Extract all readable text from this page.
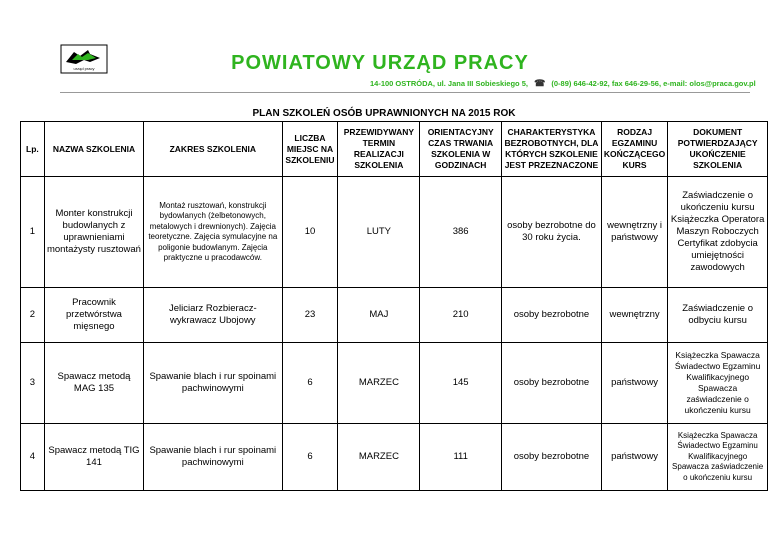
urząd pracy	POWIATOWY URZĄD PRACY
14-100 OSTRÓDA, ul. Jana III Sobieskiego 5, ☎ (0-89) 646-42-92, fax 646-29-56, e-mail: olos@praca.gov.pl
PLAN SZKOLEŃ OSÓB UPRAWNIONYCH NA 2015 ROK
Lp.	NAZWA SZKOLENIA	ZAKRES SZKOLENIA	LICZBA MIEJSC NA SZKOLENIU	PRZEWIDYWANY TERMIN REALIZACJI SZKOLENIA	ORIENTACYJNY CZAS TRWANIA SZKOLENIA W GODZINACH	CHARAKTERYSTYKA BEZROBOTNYCH, DLA KTÓRYCH SZKOLENIE JEST PRZEZNACZONE	RODZAJ EGZAMINU KOŃCZĄCEGO KURS	DOKUMENT POTWIERDZAJĄCY UKOŃCZENIE SZKOLENIA
1	Monter konstrukcji budowlanych z uprawnieniami montażysty rusztowań	Montaż rusztowań, konstrukcji bydowlanych (żelbetonowych, metalowych i drewnionych). Zajęcia teoretyczne. Zajęcia symulacyjne na poligonie budowlanym. Zajęcia praktyczne u pracodawców.	10	LUTY	386	osoby bezrobotne do 30 roku życia.	wewnętrzny i państwowy	Zaświadczenie o ukończeniu kursu Książeczka Operatora Maszyn Roboczych Certyfikat zdobycia umiejętności zawodowych
2	Pracownik przetwórstwa mięsnego	Jeliciarz Rozbieracz-wykrawacz Ubojowy	23	MAJ	210	osoby bezrobotne	wewnętrzny	Zaświadczenie o odbyciu kursu
3	Spawacz metodą MAG 135	Spawanie blach i rur spoinami pachwinowymi	6	MARZEC	145	osoby bezrobotne	państwowy	Książeczka Spawacza Świadectwo Egzaminu Kwalifikacyjnego Spawacza zaświadczenie o ukończeniu kursu
4	Spawacz metodą TIG 141	Spawanie blach i rur spoinami pachwinowymi	6	MARZEC	111	osoby bezrobotne	państwowy	Książeczka Spawacza Świadectwo Egzaminu Kwalifikacyjnego Spawacza zaświadczenie o ukończeniu kursu
